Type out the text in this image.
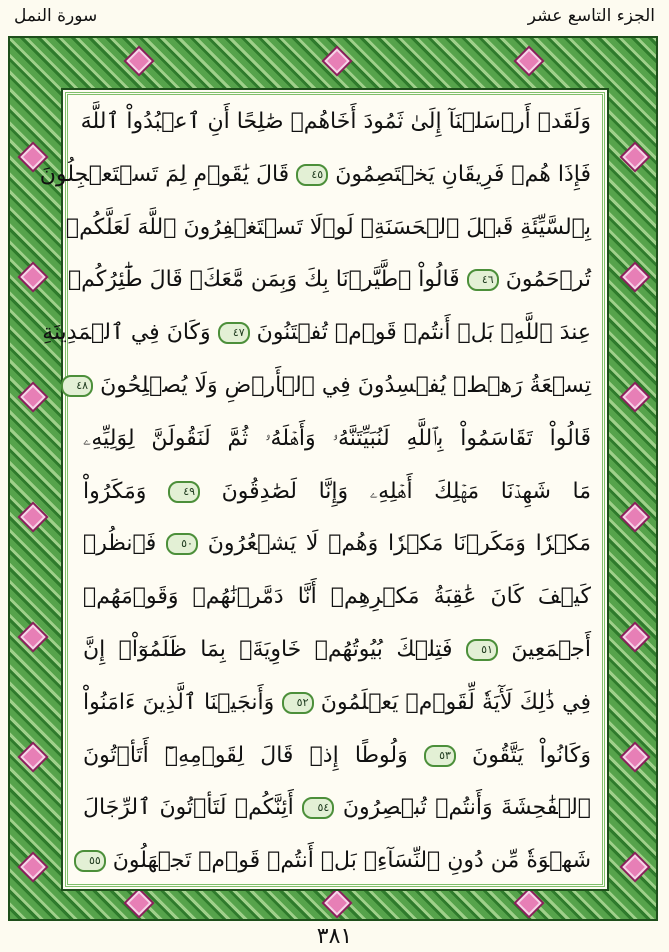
الجزء التاسع عشر
سورة النمل
وَلَقَدۡ أَرۡسَلۡنَآ إِلَىٰ ثَمُودَ أَخَاهُمۡ صَٰلِحًا أَنِ ٱعۡبُدُواْ ٱللَّهَ
فَإِذَا هُمۡ فَرِيقَانِ يَخۡتَصِمُونَ ٤٥ قَالَ يَٰقَوۡمِ لِمَ تَسۡتَعۡجِلُونَ
بِٱلسَّيِّئَةِ قَبۡلَ ٱلۡحَسَنَةِۖ لَوۡلَا تَسۡتَغۡفِرُونَ ٱللَّهَ لَعَلَّكُمۡ
تُرۡحَمُونَ ٤٦ قَالُواْ ٱطَّيَّرۡنَا بِكَ وَبِمَن مَّعَكَۚ قَالَ طَٰٓئِرُكُمۡ
عِندَ ٱللَّهِۖ بَلۡ أَنتُمۡ قَوۡمٞ تُفۡتَنُونَ ٤٧ وَكَانَ فِي ٱلۡمَدِينَةِ
تِسۡعَةُ رَهۡطٖ يُفۡسِدُونَ فِي ٱلۡأَرۡضِ وَلَا يُصۡلِحُونَ ٤٨
قَالُواْ تَقَاسَمُواْ بِٱللَّهِ لَنُبَيِّتَنَّهُۥ وَأَهۡلَهُۥ ثُمَّ لَنَقُولَنَّ لِوَلِيِّهِۦ
مَا شَهِدۡنَا مَهۡلِكَ أَهۡلِهِۦ وَإِنَّا لَصَٰدِقُونَ ٤٩ وَمَكَرُواْ
مَكۡرٗا وَمَكَرۡنَا مَكۡرٗا وَهُمۡ لَا يَشۡعُرُونَ ٥٠ فَٱنظُرۡ
كَيۡفَ كَانَ عَٰقِبَةُ مَكۡرِهِمۡ أَنَّا دَمَّرۡنَٰهُمۡ وَقَوۡمَهُمۡ
أَجۡمَعِينَ ٥١ فَتِلۡكَ بُيُوتُهُمۡ خَاوِيَةَۢ بِمَا ظَلَمُوٓاْۚ إِنَّ
فِي ذَٰلِكَ لَأٓيَةٗ لِّقَوۡمٖ يَعۡلَمُونَ ٥٢ وَأَنجَيۡنَا ٱلَّذِينَ ءَامَنُواْ
وَكَانُواْ يَتَّقُونَ ٥٣ وَلُوطًا إِذۡ قَالَ لِقَوۡمِهِۦٓ أَتَأۡتُونَ
ٱلۡفَٰحِشَةَ وَأَنتُمۡ تُبۡصِرُونَ ٥٤ أَئِنَّكُمۡ لَتَأۡتُونَ ٱلرِّجَالَ
شَهۡوَةٗ مِّن دُونِ ٱلنِّسَآءِۚ بَلۡ أَنتُمۡ قَوۡمٞ تَجۡهَلُونَ ٥٥
٣٨١
